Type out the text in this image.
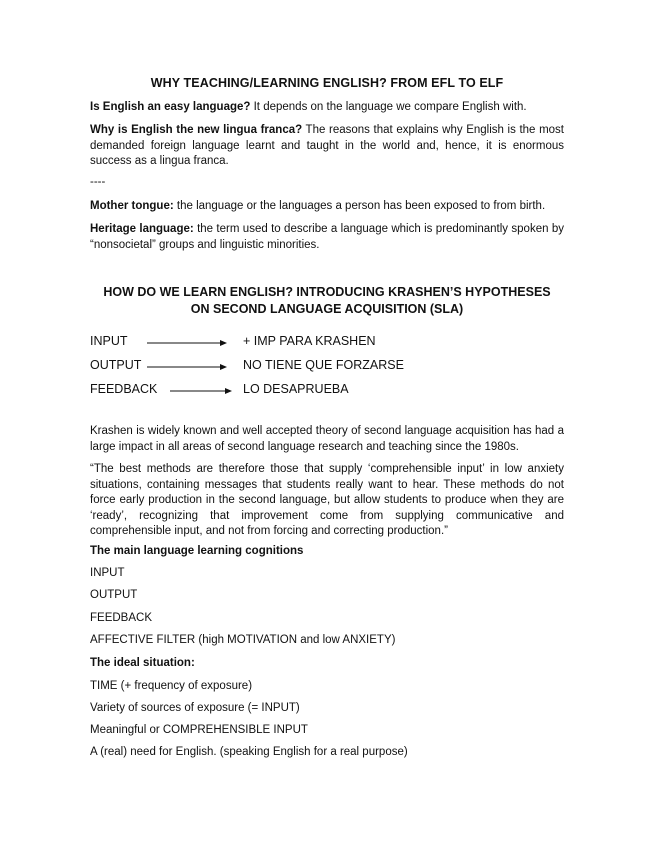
WHY TEACHING/LEARNING ENGLISH? FROM EFL TO ELF

Is English an easy language? It depends on the language we compare English with.

Why is English the new lingua franca? The reasons that explains why English is the most demanded foreign language learnt and taught in the world and, hence, it is enormous success as a lingua franca.

----

Mother tongue: the language or the languages a person has been exposed to from birth.

Heritage language: the term used to describe a language which is predominantly spoken by “nonsocietal” groups and linguistic minorities.

HOW DO WE LEARN ENGLISH? INTRODUCING KRASHEN’S HYPOTHESES
ON SECOND LANGUAGE ACQUISITION (SLA)
INPUT	+ IMP PARA KRASHEN
OUTPUT	NO TIENE QUE FORZARSE
FEEDBACK	LO DESAPRUEBA

Krashen is widely known and well accepted theory of second language acquisition has had a large impact in all areas of second language research and teaching since the 1980s.

“The best methods are therefore those that supply ‘comprehensible input’ in low anxiety situations, containing messages that students really want to hear. These methods do not force early production in the second language, but allow students to produce when they are ‘ready’, recognizing that improvement come from supplying communicative and comprehensible input, and not from forcing and correcting production.”

The main language learning cognitions
INPUT
OUTPUT
FEEDBACK
AFFECTIVE FILTER (high MOTIVATION and low ANXIETY)
The ideal situation:
TIME (+ frequency of exposure)
Variety of sources of exposure (= INPUT)
Meaningful or COMPREHENSIBLE INPUT
A (real) need for English. (speaking English for a real purpose)
